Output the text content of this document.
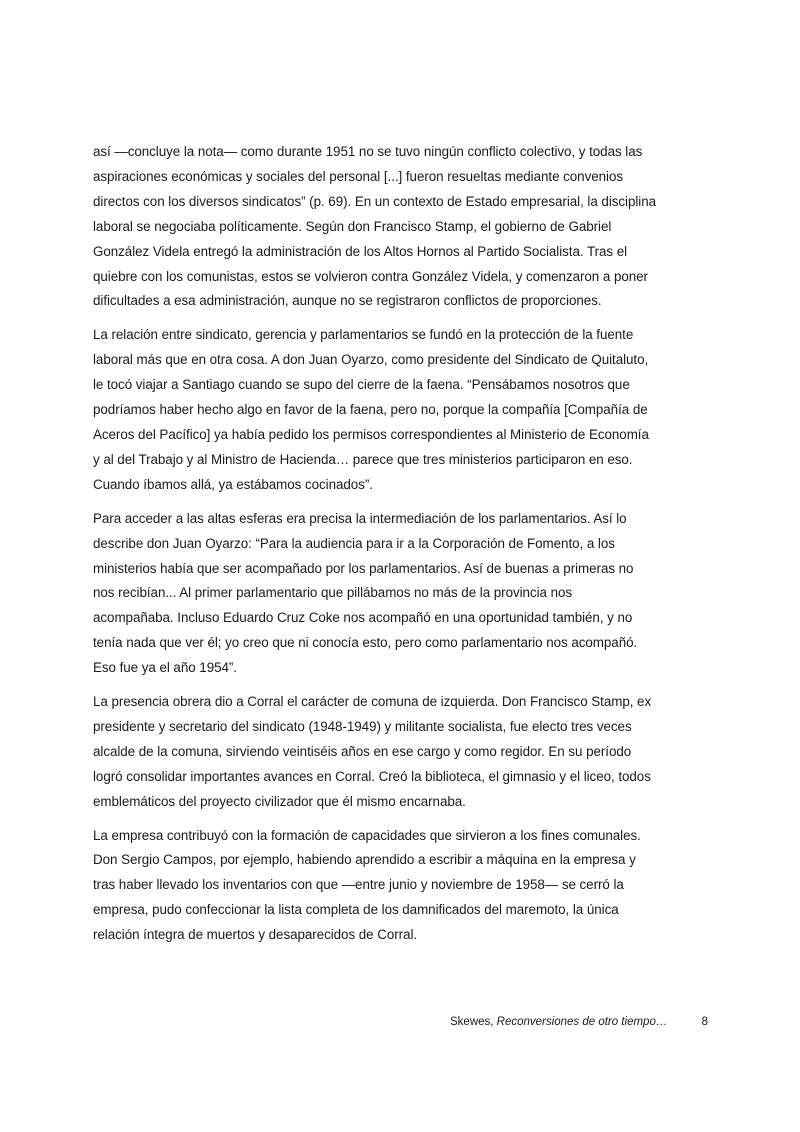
así —concluye la nota— como durante 1951 no se tuvo ningún conflicto colectivo, y todas las
aspiraciones económicas y sociales del personal [...] fueron resueltas mediante convenios
directos con los diversos sindicatos” (p. 69). En un contexto de Estado empresarial, la disciplina
laboral se negociaba políticamente. Según don Francisco Stamp, el gobierno de Gabriel
González Videla entregó la administración de los Altos Hornos al Partido Socialista. Tras el
quiebre con los comunistas, estos se volvieron contra González Videla, y comenzaron a poner
dificultades a esa administración, aunque no se registraron conflictos de proporciones.

La relación entre sindicato, gerencia y parlamentarios se fundó en la protección de la fuente
laboral más que en otra cosa. A don Juan Oyarzo, como presidente del Sindicato de Quitaluto,
le tocó viajar a Santiago cuando se supo del cierre de la faena. “Pensábamos nosotros que
podríamos haber hecho algo en favor de la faena, pero no, porque la compañía [Compañía de
Aceros del Pacífico] ya había pedido los permisos correspondientes al Ministerio de Economía
y al del Trabajo y al Ministro de Hacienda… parece que tres ministerios participaron en eso.
Cuando íbamos allá, ya estábamos cocinados”.

Para acceder a las altas esferas era precisa la intermediación de los parlamentarios. Así lo
describe don Juan Oyarzo: “Para la audiencia para ir a la Corporación de Fomento, a los
ministerios había que ser acompañado por los parlamentarios. Así de buenas a primeras no
nos recibían... Al primer parlamentario que pillábamos no más de la provincia nos
acompañaba. Incluso Eduardo Cruz Coke nos acompañó en una oportunidad también, y no
tenía nada que ver él; yo creo que ni conocía esto, pero como parlamentario nos acompañó.
Eso fue ya el año 1954”.

La presencia obrera dio a Corral el carácter de comuna de izquierda. Don Francisco Stamp, ex
presidente y secretario del sindicato (1948-1949) y militante socialista, fue electo tres veces
alcalde de la comuna, sirviendo veintiséis años en ese cargo y como regidor. En su período
logró consolidar importantes avances en Corral. Creó la biblioteca, el gimnasio y el liceo, todos
emblemáticos del proyecto civilizador que él mismo encarnaba.

La empresa contribuyó con la formación de capacidades que sirvieron a los fines comunales.
Don Sergio Campos, por ejemplo, habiendo aprendido a escribir a máquina en la empresa y
tras haber llevado los inventarios con que —entre junio y noviembre de 1958— se cerró la
empresa, pudo confeccionar la lista completa de los damnificados del maremoto, la única
relación íntegra de muertos y desaparecidos de Corral.

Skewes, Reconversiones de otro tiempo…	8
